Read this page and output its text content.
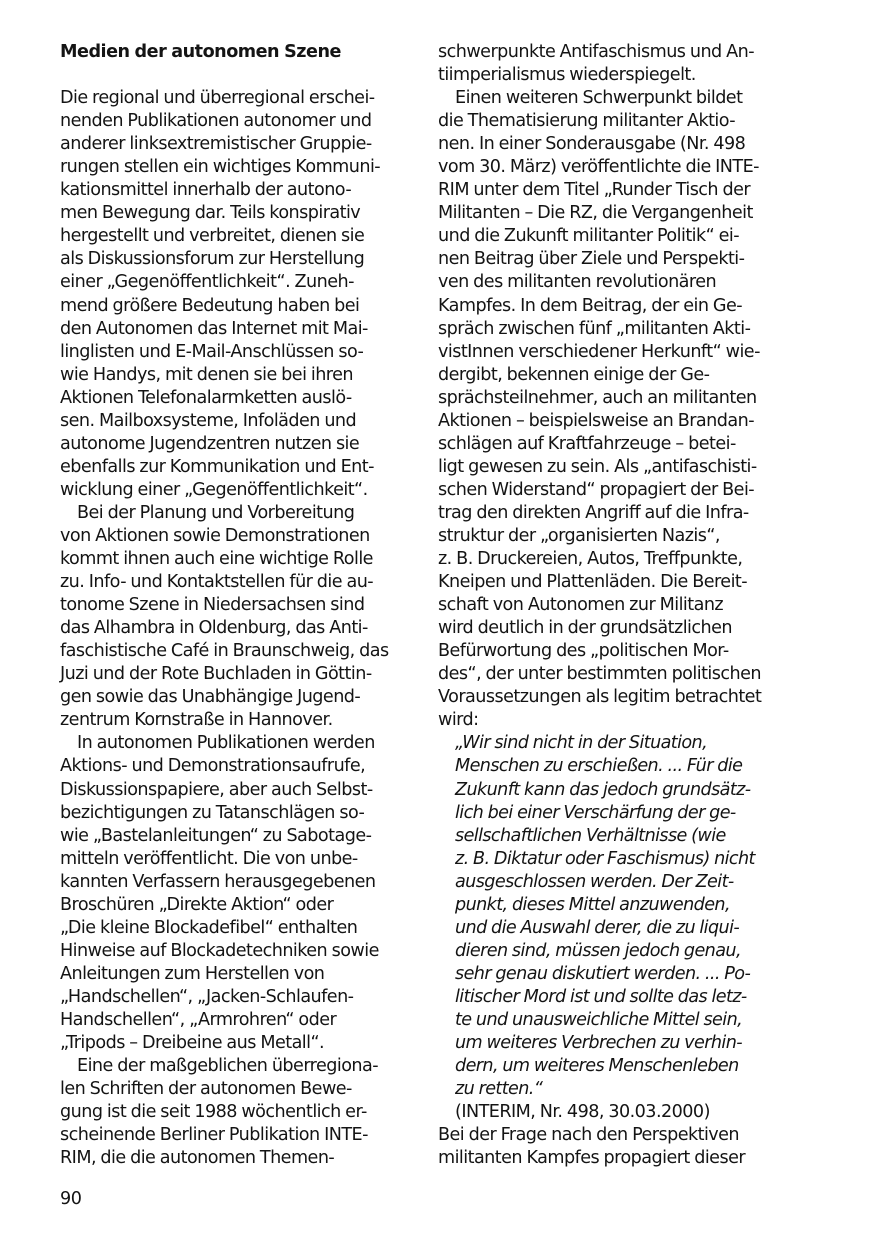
Medien der autonomen Szene
Die regional und überregional erschei-
nenden Publikationen autonomer und
anderer linksextremistischer Gruppie-
rungen stellen ein wichtiges Kommuni-
kationsmittel innerhalb der autono-
men Bewegung dar. Teils konspirativ
hergestellt und verbreitet, dienen sie
als Diskussionsforum zur Herstellung
einer „Gegenöffentlichkeit“. Zuneh-
mend größere Bedeutung haben bei
den Autonomen das Internet mit Mai-
linglisten und E-Mail-Anschlüssen so-
wie Handys, mit denen sie bei ihren
Aktionen Telefonalarmketten auslö-
sen. Mailboxsysteme, Infoläden und
autonome Jugendzentren nutzen sie
ebenfalls zur Kommunikation und Ent-
wicklung einer „Gegenöffentlichkeit“.
Bei der Planung und Vorbereitung
von Aktionen sowie Demonstrationen
kommt ihnen auch eine wichtige Rolle
zu. Info- und Kontaktstellen für die au-
tonome Szene in Niedersachsen sind
das Alhambra in Oldenburg, das Anti-
faschistische Café in Braunschweig, das
Juzi und der Rote Buchladen in Göttin-
gen sowie das Unabhängige Jugend-
zentrum Kornstraße in Hannover.
In autonomen Publikationen werden
Aktions- und Demonstrationsaufrufe,
Diskussionspapiere, aber auch Selbst-
bezichtigungen zu Tatanschlägen so-
wie „Bastelanleitungen“ zu Sabotage-
mitteln veröffentlicht. Die von unbe-
kannten Verfassern herausgegebenen
Broschüren „Direkte Aktion“ oder
„Die kleine Blockadefibel“ enthalten
Hinweise auf Blockadetechniken sowie
Anleitungen zum Herstellen von
„Handschellen“, „Jacken-Schlaufen-
Handschellen“, „Armrohren“ oder
„Tripods – Dreibeine aus Metall“.
Eine der maßgeblichen überregiona-
len Schriften der autonomen Bewe-
gung ist die seit 1988 wöchentlich er-
scheinende Berliner Publikation INTE-
RIM, die die autonomen Themen-
schwerpunkte Antifaschismus und An-
tiimperialismus wiederspiegelt.
Einen weiteren Schwerpunkt bildet
die Thematisierung militanter Aktio-
nen. In einer Sonderausgabe (Nr. 498
vom 30. März) veröffentlichte die INTE-
RIM unter dem Titel „Runder Tisch der
Militanten – Die RZ, die Vergangenheit
und die Zukunft militanter Politik“ ei-
nen Beitrag über Ziele und Perspekti-
ven des militanten revolutionären
Kampfes. In dem Beitrag, der ein Ge-
spräch zwischen fünf „militanten Akti-
vistInnen verschiedener Herkunft“ wie-
dergibt, bekennen einige der Ge-
sprächsteilnehmer, auch an militanten
Aktionen – beispielsweise an Brandan-
schlägen auf Kraftfahrzeuge – betei-
ligt gewesen zu sein. Als „antifaschisti-
schen Widerstand“ propagiert der Bei-
trag den direkten Angriff auf die Infra-
struktur der „organisierten Nazis“,
z. B. Druckereien, Autos, Treffpunkte,
Kneipen und Plattenläden. Die Bereit-
schaft von Autonomen zur Militanz
wird deutlich in der grundsätzlichen
Befürwortung des „politischen Mor-
des“, der unter bestimmten politischen
Voraussetzungen als legitim betrachtet
wird:
„Wir sind nicht in der Situation,
Menschen zu erschießen. ... Für die
Zukunft kann das jedoch grundsätz-
lich bei einer Verschärfung der ge-
sellschaftlichen Verhältnisse (wie
z. B. Diktatur oder Faschismus) nicht
ausgeschlossen werden. Der Zeit-
punkt, dieses Mittel anzuwenden,
und die Auswahl derer, die zu liqui-
dieren sind, müssen jedoch genau,
sehr genau diskutiert werden. ... Po-
litischer Mord ist und sollte das letz-
te und unausweichliche Mittel sein,
um weiteres Verbrechen zu verhin-
dern, um weiteres Menschenleben
zu retten.“
(INTERIM, Nr. 498, 30.03.2000)
Bei der Frage nach den Perspektiven
militanten Kampfes propagiert dieser
90
